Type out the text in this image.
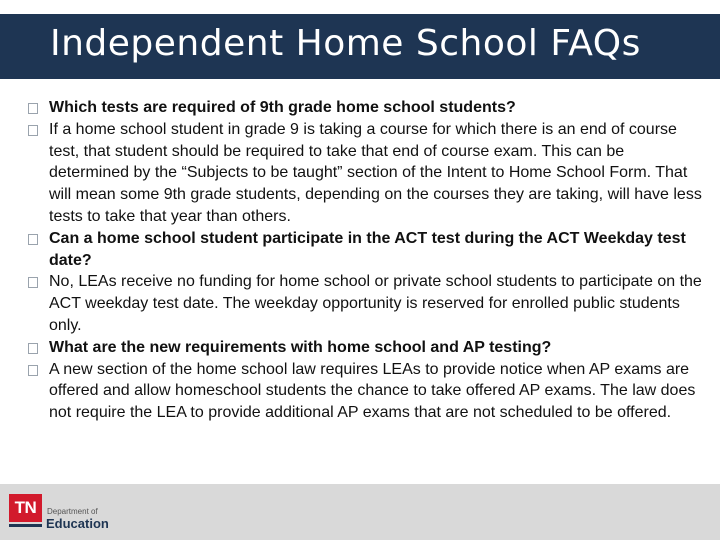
Independent Home School FAQs
Which tests are required of 9th grade home school students?
If a home school student in grade 9 is taking a course for which there is an end of course test, that student should be required to take that end of course exam. This can be determined by the “Subjects to be taught” section of the Intent to Home School Form. That will mean some 9th grade students, depending on the courses they are taking, will have less tests to take that year than others.
Can a home school student participate in the ACT test during the ACT Weekday test date?
No, LEAs receive no funding for home school or private school students to participate on the ACT weekday test date. The weekday opportunity is reserved for enrolled public students only.
What are the new requirements with home school and AP testing?
A new section of the home school law requires LEAs to provide notice when AP exams are offered and allow homeschool students the chance to take offered AP exams. The law does not require the LEA to provide additional AP exams that are not scheduled to be offered.
TN	Department of
Education
